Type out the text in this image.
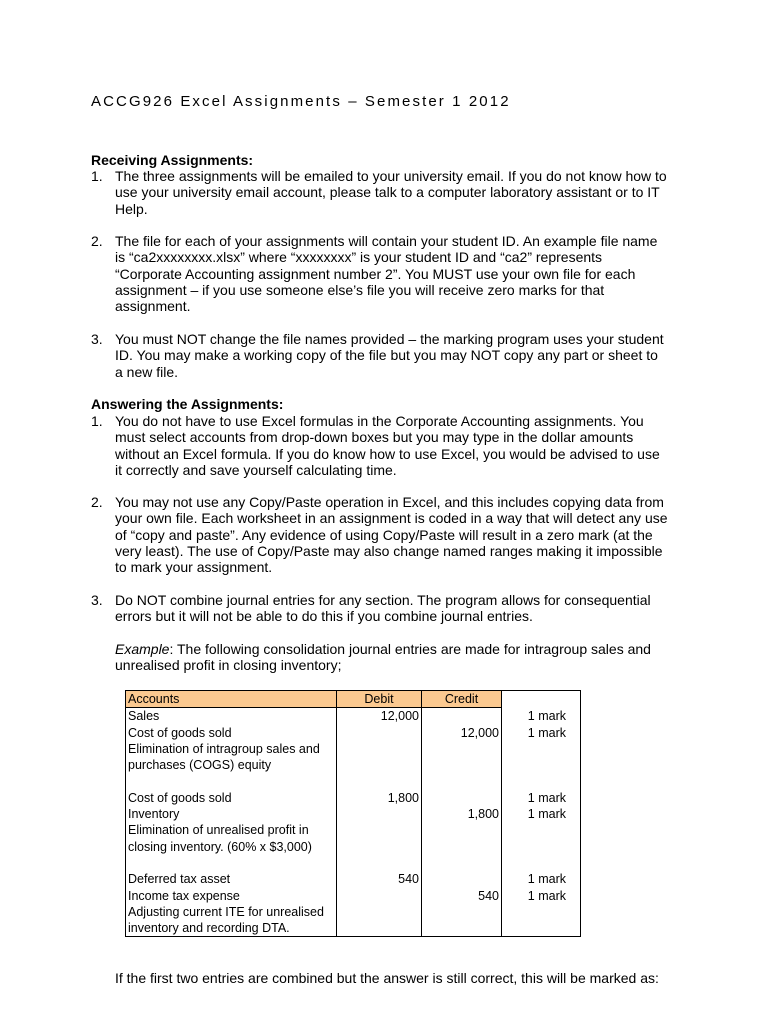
ACCG926 Excel Assignments – Semester 1 2012
Receiving Assignments:
1. The three assignments will be emailed to your university email. If you do not know how to
use your university email account, please talk to a computer laboratory assistant or to IT
Help.
2. The file for each of your assignments will contain your student ID. An example file name
is “ca2xxxxxxxx.xlsx” where “xxxxxxxx” is your student ID and “ca2” represents
“Corporate Accounting assignment number 2”. You MUST use your own file for each
assignment – if you use someone else’s file you will receive zero marks for that
assignment.
3. You must NOT change the file names provided – the marking program uses your student
ID. You may make a working copy of the file but you may NOT copy any part or sheet to
a new file.
Answering the Assignments:
1. You do not have to use Excel formulas in the Corporate Accounting assignments. You
must select accounts from drop-down boxes but you may type in the dollar amounts
without an Excel formula. If you do know how to use Excel, you would be advised to use
it correctly and save yourself calculating time.
2. You may not use any Copy/Paste operation in Excel, and this includes copying data from
your own file. Each worksheet in an assignment is coded in a way that will detect any use
of “copy and paste”. Any evidence of using Copy/Paste will result in a zero mark (at the
very least). The use of Copy/Paste may also change named ranges making it impossible
to mark your assignment.
3. Do NOT combine journal entries for any section. The program allows for consequential
errors but it will not be able to do this if you combine journal entries.
Example: The following consolidation journal entries are made for intragroup sales and
unrealised profit in closing inventory;
Accounts	Debit	Credit	
Sales	12,000		1 mark
Cost of goods sold		12,000	1 mark
Elimination of intragroup sales and			
purchases (COGS) equity			

Cost of goods sold	1,800		1 mark
Inventory		1,800	1 mark
Elimination of unrealised profit in			
closing inventory. (60% x $3,000)			

Deferred tax asset	540		1 mark
Income tax expense		540	1 mark
Adjusting current ITE for unrealised			
inventory and recording DTA.			
If the first two entries are combined but the answer is still correct, this will be marked as:
